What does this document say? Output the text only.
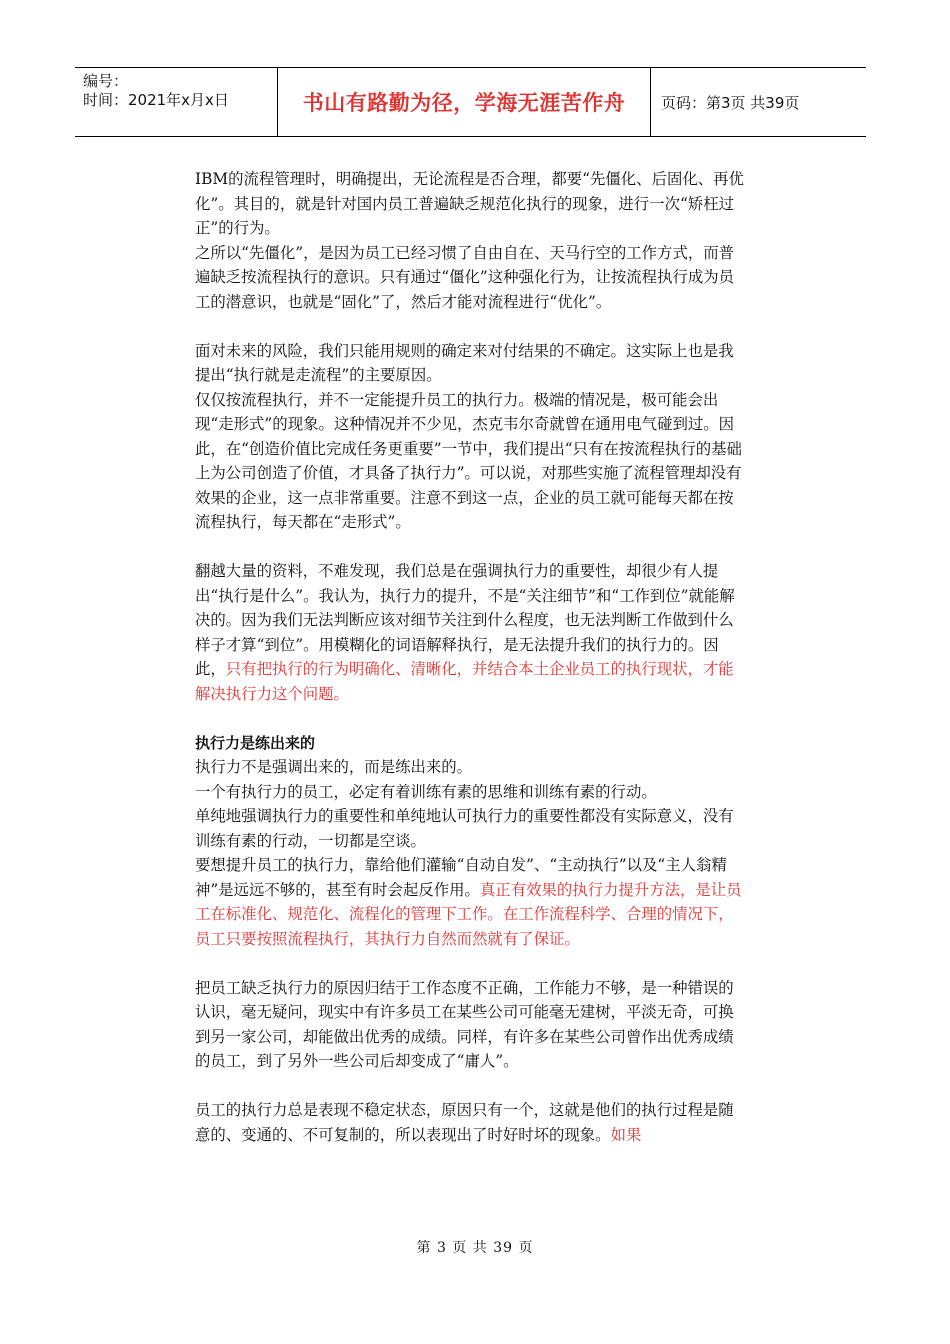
编号：
时间：2021年x月x日	书山有路勤为径，学海无涯苦作舟	页码：第3页 共39页

IBM的流程管理时，明确提出，无论流程是否合理，都要“先僵化、后固化、再优化”。其目的，就是针对国内员工普遍缺乏规范化执行的现象，进行一次“矫枉过正”的行为。

之所以“先僵化”，是因为员工已经习惯了自由自在、天马行空的工作方式，而普遍缺乏按流程执行的意识。只有通过“僵化”这种强化行为，让按流程执行成为员工的潜意识，也就是“固化”了，然后才能对流程进行“优化”。

面对未来的风险，我们只能用规则的确定来对付结果的不确定。这实际上也是我提出“执行就是走流程”的主要原因。

仅仅按流程执行，并不一定能提升员工的执行力。极端的情况是，极可能会出现“走形式”的现象。这种情况并不少见，杰克韦尔奇就曾在通用电气碰到过。因此，在“创造价值比完成任务更重要”一节中，我们提出“只有在按流程执行的基础上为公司创造了价值，才具备了执行力”。可以说，对那些实施了流程管理却没有效果的企业，这一点非常重要。注意不到这一点，企业的员工就可能每天都在按流程执行，每天都在“走形式”。

翻越大量的资料，不难发现，我们总是在强调执行力的重要性，却很少有人提出“执行是什么”。我认为，执行力的提升，不是“关注细节”和“工作到位”就能解决的。因为我们无法判断应该对细节关注到什么程度，也无法判断工作做到什么样子才算“到位”。用模糊化的词语解释执行，是无法提升我们的执行力的。因此，只有把执行的行为明确化、清晰化，并结合本土企业员工的执行现状，才能解决执行力这个问题。

执行力是练出来的

执行力不是强调出来的，而是练出来的。

一个有执行力的员工，必定有着训练有素的思维和训练有素的行动。

单纯地强调执行力的重要性和单纯地认可执行力的重要性都没有实际意义，没有训练有素的行动，一切都是空谈。

要想提升员工的执行力，靠给他们灌输“自动自发”、“主动执行”以及“主人翁精神”是远远不够的，甚至有时会起反作用。真正有效果的执行力提升方法，是让员工在标准化、规范化、流程化的管理下工作。在工作流程科学、合理的情况下，员工只要按照流程执行，其执行力自然而然就有了保证。

把员工缺乏执行力的原因归结于工作态度不正确，工作能力不够，是一种错误的认识，毫无疑问，现实中有许多员工在某些公司可能毫无建树，平淡无奇，可换到另一家公司，却能做出优秀的成绩。同样，有许多在某些公司曾作出优秀成绩的员工，到了另外一些公司后却变成了“庸人”。

员工的执行力总是表现不稳定状态，原因只有一个，这就是他们的执行过程是随意的、变通的、不可复制的，所以表现出了时好时坏的现象。如果

第 3 页 共 39 页
